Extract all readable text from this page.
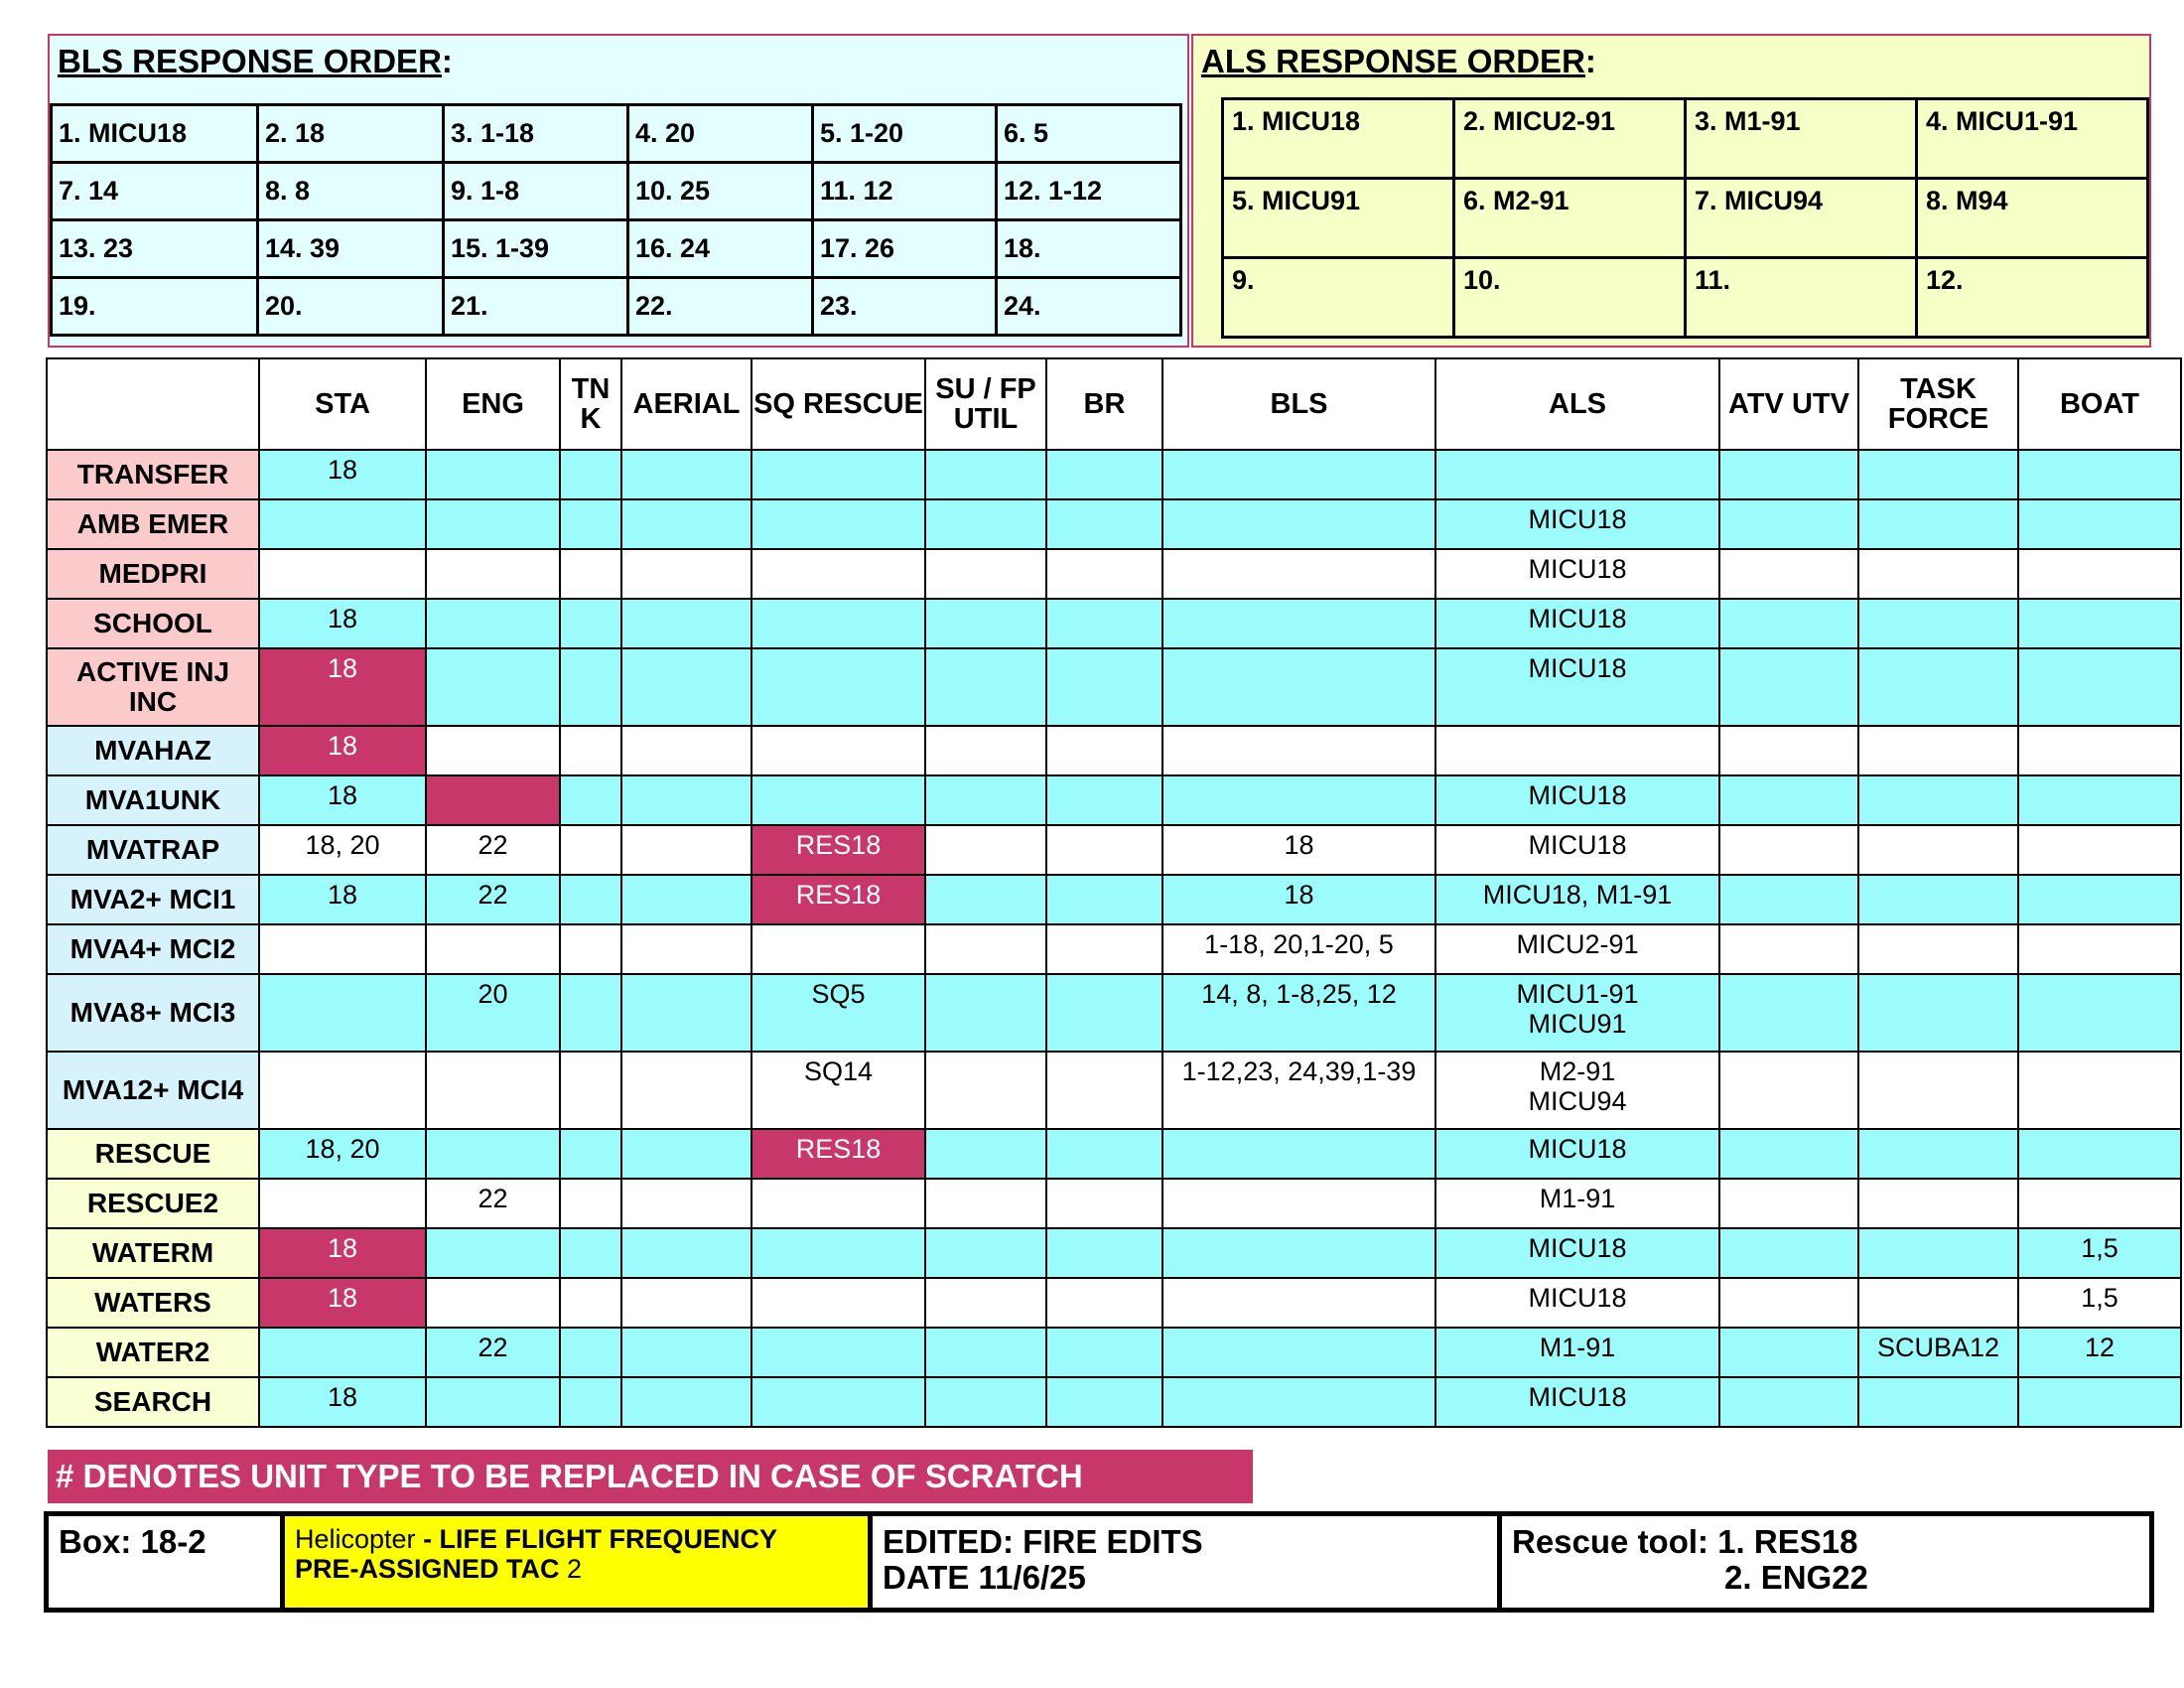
BLS RESPONSE ORDER:
1. MICU18	2. 18	3. 1-18	4. 20	5. 1-20	6. 5
7. 14	8. 8	9. 1-8	10. 25	11. 12	12. 1-12
13. 23	14. 39	15. 1-39	16. 24	17. 26	18.
19.	20.	21.	22.	23.	24.
ALS RESPONSE ORDER:
1. MICU18	2. MICU2-91	3. M1-91	4. MICU1-91
5. MICU91	6. M2-91	7. MICU94	8. M94
9.	10.	11.	12.
	STA	ENG	TN K	AERIAL	SQ RESCUE	SU / FP UTIL	BR	BLS	ALS	ATV UTV	TASK FORCE	BOAT
TRANSFER	18											
AMB EMER									MICU18			
MEDPRI									MICU18			
SCHOOL	18								MICU18			
ACTIVE INJ INC	18								MICU18			
MVAHAZ	18											
MVA1UNK	18								MICU18			
MVATRAP	18, 20	22			RES18			18	MICU18			
MVA2+ MCI1	18	22			RES18			18	MICU18, M1-91			
MVA4+ MCI2								1-18, 20,1-20, 5	MICU2-91			
MVA8+ MCI3		20			SQ5			14, 8, 1-8,25, 12	MICU1-91
MICU91			
MVA12+ MCI4					SQ14			1-12,23, 24,39,1-39	M2-91
MICU94			
RESCUE	18, 20				RES18				MICU18			
RESCUE2		22							M1-91			
WATERM	18								MICU18			1,5
WATERS	18								MICU18			1,5
WATER2		22							M1-91		SCUBA12	12
SEARCH	18								MICU18			
# DENOTES UNIT TYPE TO BE REPLACED IN CASE OF SCRATCH
Box: 18-2	Helicopter - LIFE FLIGHT FREQUENCY
PRE-ASSIGNED TAC 2
EDITED: FIRE EDITS
DATE 11/6/25
Rescue tool: 1. RES18
2. ENG22
